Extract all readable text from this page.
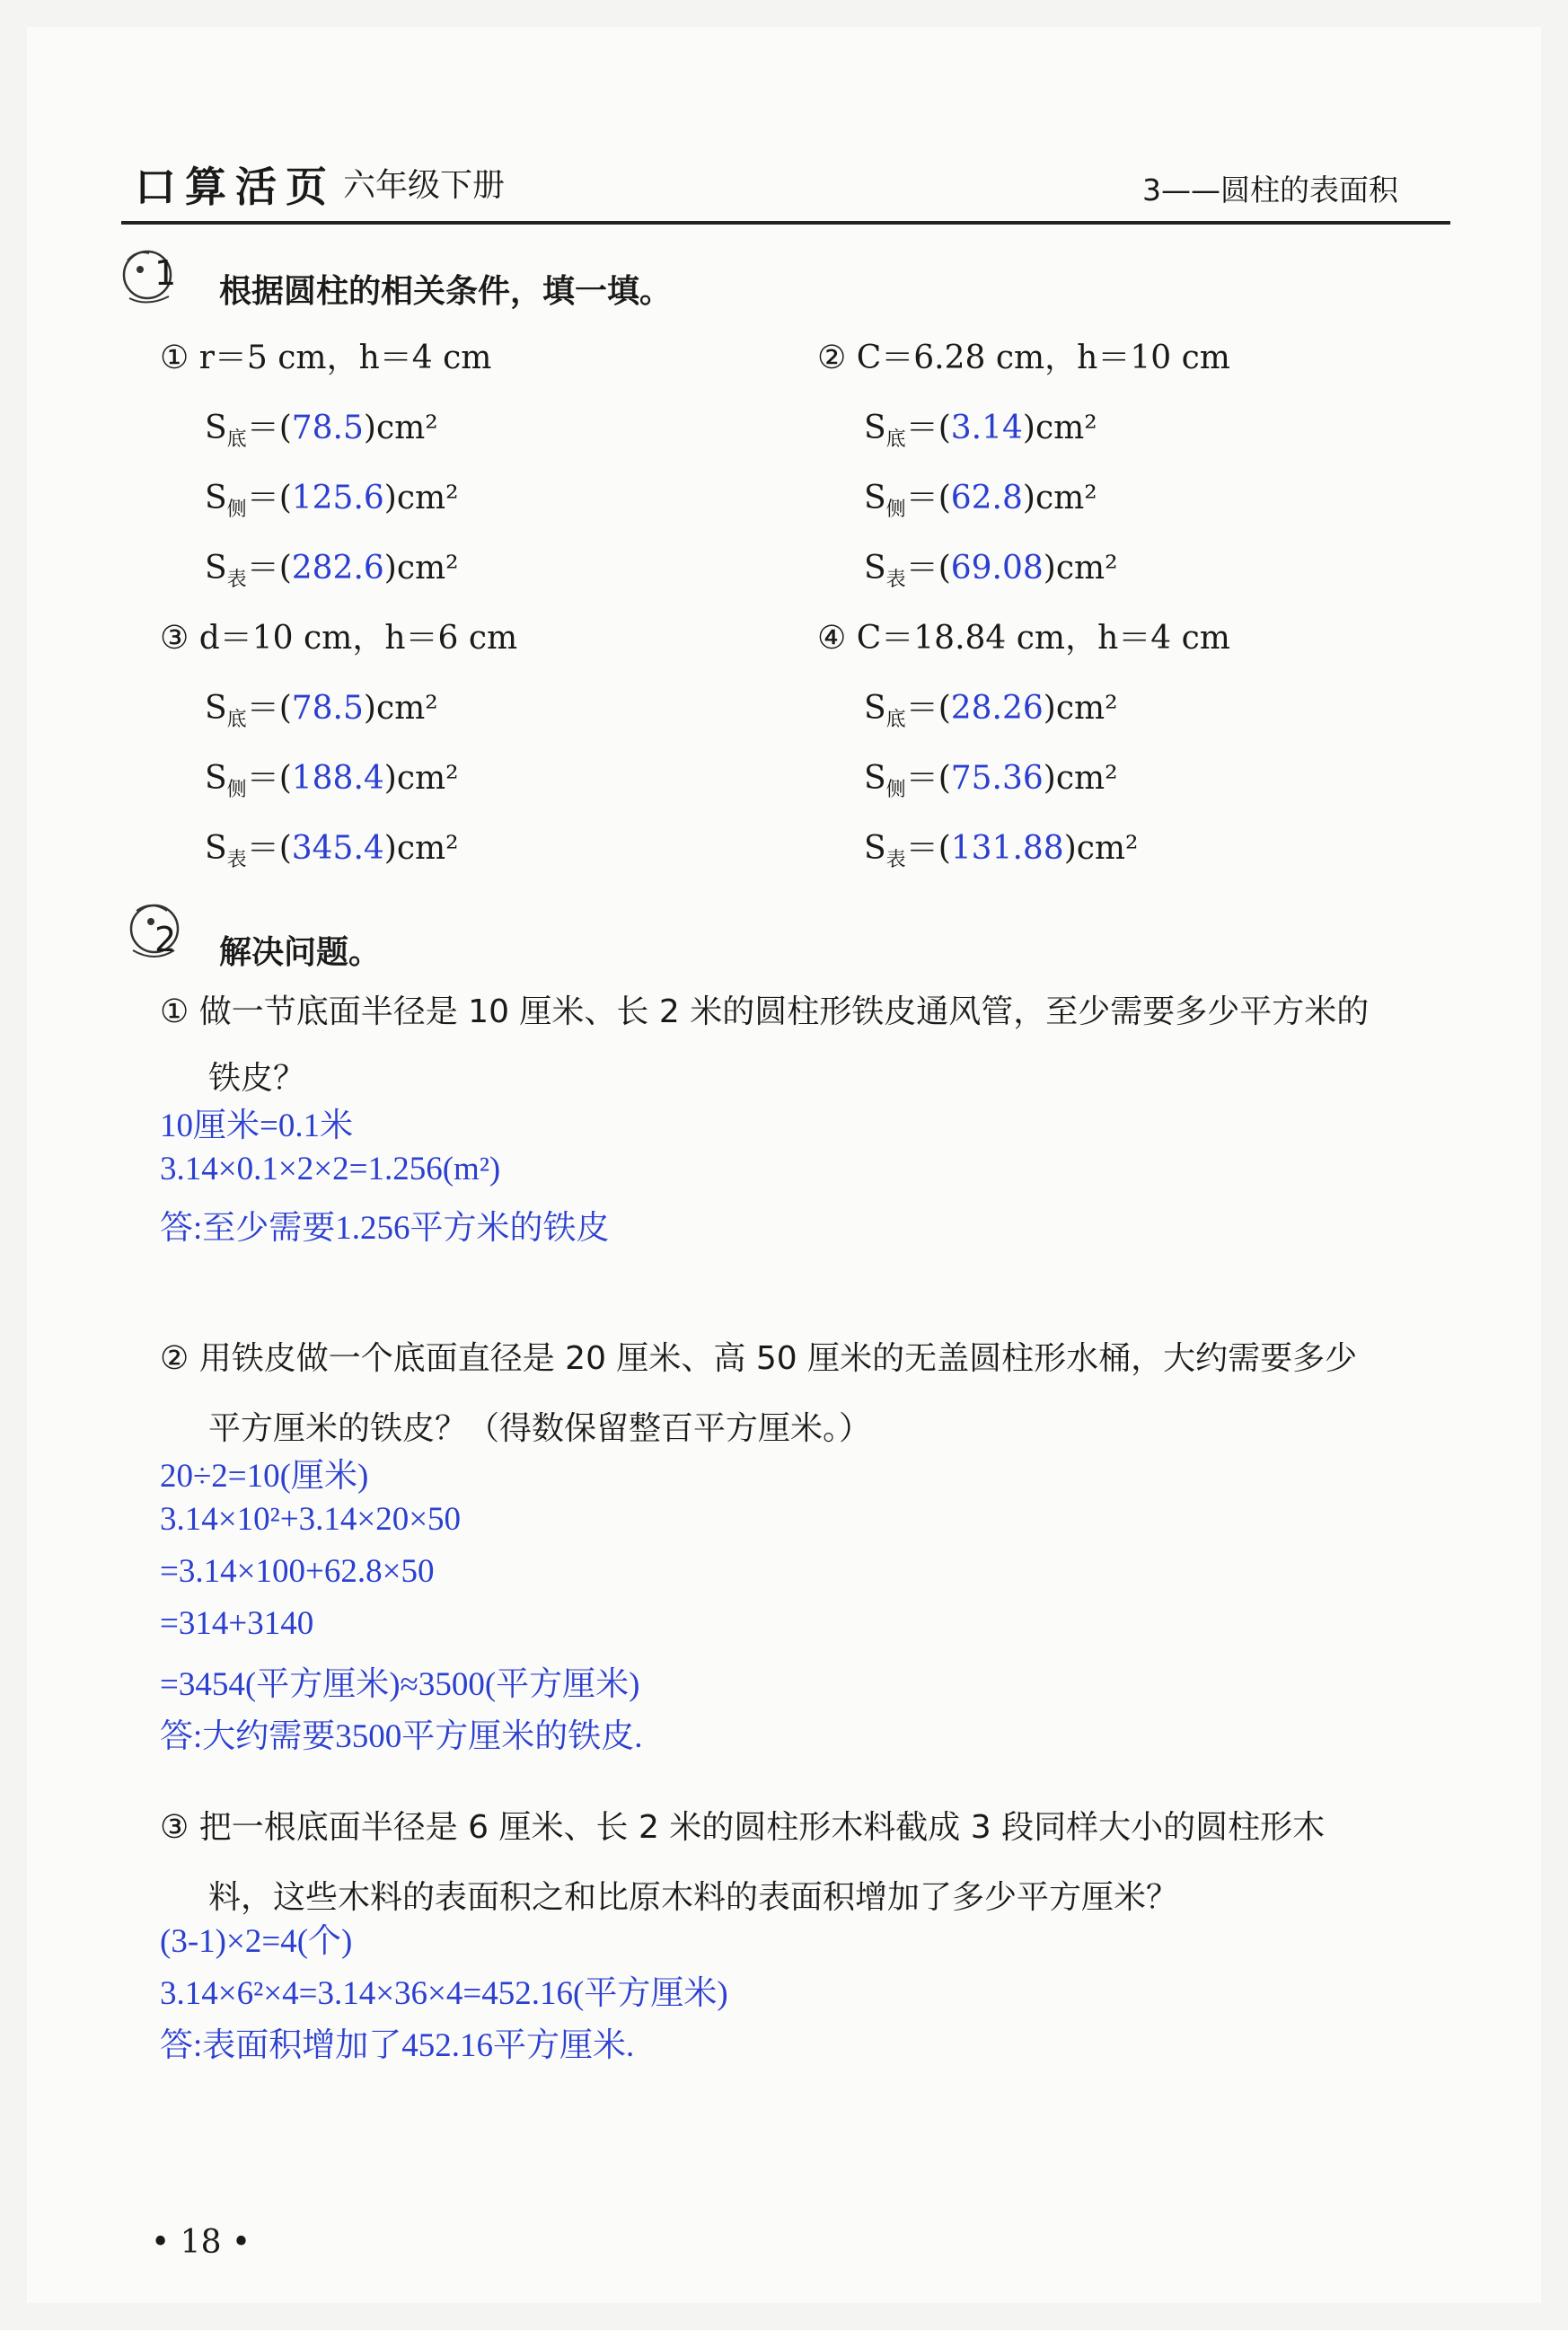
口算活页 六年级下册	3——圆柱的表面积
1 根据圆柱的相关条件，填一填。
① r＝5 cm，h＝4 cm
$S_底=(78.5)cm^2$
$S_侧=(125.6)cm^2$
$S_表=(282.6)cm^2$
② C＝6.28 cm，h＝10 cm
$S_底=(3.14)cm^2$
$S_侧=(62.8)cm^2$
$S_表=(69.08)cm^2$
③ d＝10 cm，h＝6 cm
$S_底=(78.5)cm^2$
$S_侧=(188.4)cm^2$
$S_表=(345.4)cm^2$
④ C＝18.84 cm，h＝4 cm
$S_底=(28.26)cm^2$
$S_侧=(75.36)cm^2$
$S_表=(131.88)cm^2$
2 解决问题。
① 做一节底面半径是 10 厘米、长 2 米的圆柱形铁皮通风管，至少需要多少平方米的
铁皮？
10厘米=0.1米
3.14×0.1×2×2=1.256(m²)
答:至少需要1.256平方米的铁皮
② 用铁皮做一个底面直径是 20 厘米、高 50 厘米的无盖圆柱形水桶，大约需要多少
平方厘米的铁皮？（得数保留整百平方厘米。）
20÷2=10(厘米)
3.14×10²+3.14×20×50
=3.14×100+62.8×50
=314+3140
=3454(平方厘米)≈3500(平方厘米)
答:大约需要3500平方厘米的铁皮.
③ 把一根底面半径是 6 厘米、长 2 米的圆柱形木料截成 3 段同样大小的圆柱形木
料，这些木料的表面积之和比原木料的表面积增加了多少平方厘米？
(3-1)×2=4(个)
3.14×6²×4=3.14×36×4=452.16(平方厘米)
答:表面积增加了452.16平方厘米.
• 18 •
